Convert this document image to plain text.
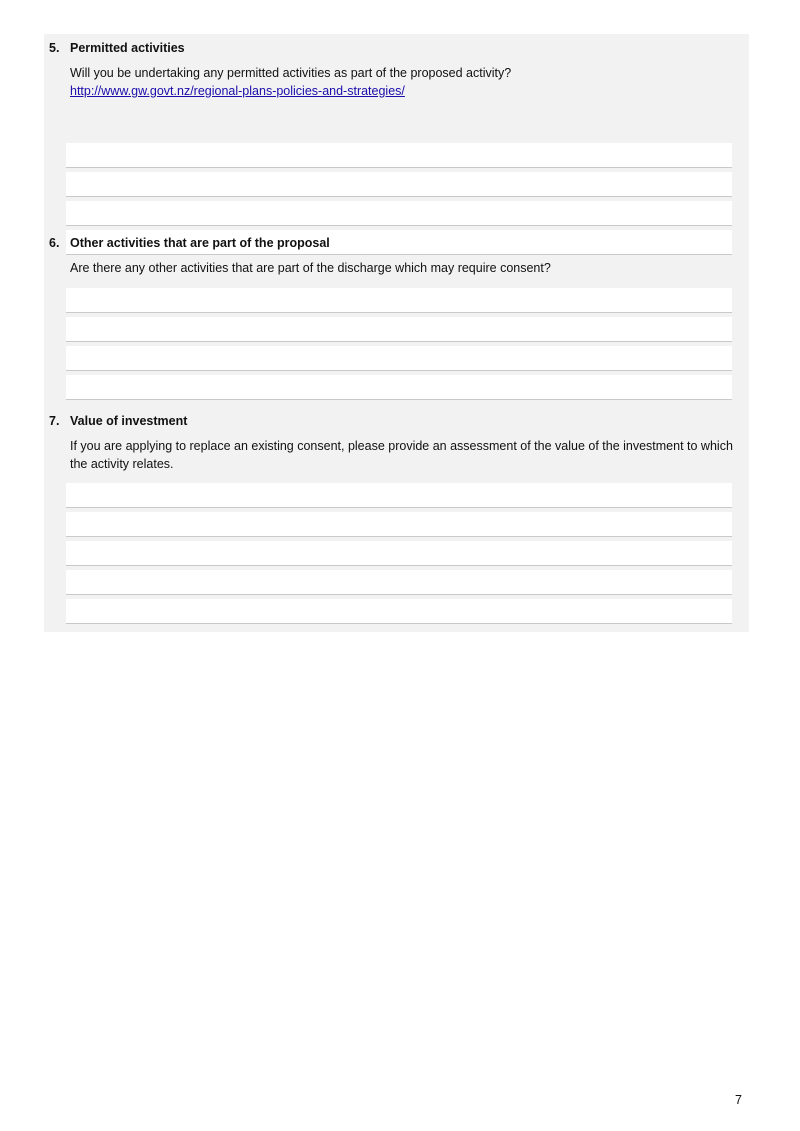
5. Permitted activities
Will you be undertaking any permitted activities as part of the proposed activity?
http://www.gw.govt.nz/regional-plans-policies-and-strategies/
6. Other activities that are part of the proposal
Are there any other activities that are part of the discharge which may require consent?
7. Value of investment
If you are applying to replace an existing consent, please provide an assessment of the value of the investment to which the activity relates.
7
